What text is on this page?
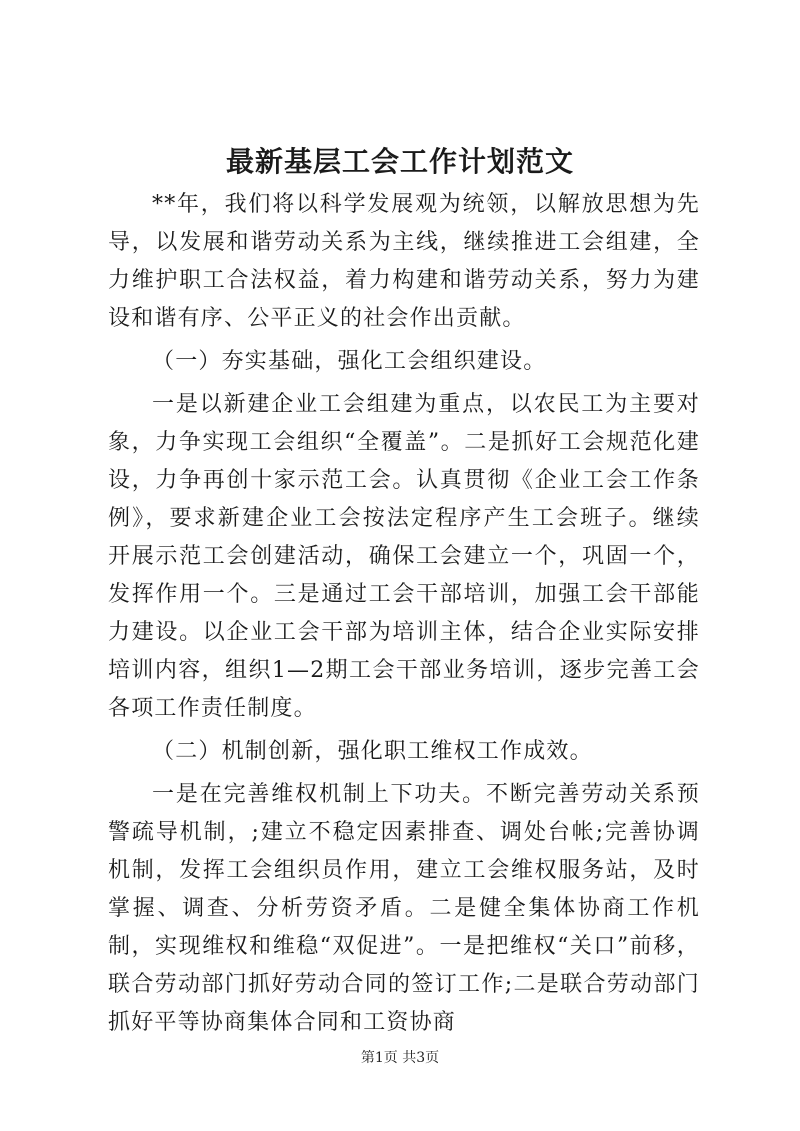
最新基层工会工作计划范文

**年，我们将以科学发展观为统领，以解放思想为先导，以发展和谐劳动关系为主线，继续推进工会组建，全力维护职工合法权益，着力构建和谐劳动关系，努力为建设和谐有序、公平正义的社会作出贡献。

（一）夯实基础，强化工会组织建设。

一是以新建企业工会组建为重点，以农民工为主要对象，力争实现工会组织“全覆盖”。二是抓好工会规范化建设，力争再创十家示范工会。认真贯彻《企业工会工作条例》，要求新建企业工会按法定程序产生工会班子。继续开展示范工会创建活动，确保工会建立一个，巩固一个，发挥作用一个。三是通过工会干部培训，加强工会干部能力建设。以企业工会干部为培训主体，结合企业实际安排培训内容，组织1—2期工会干部业务培训，逐步完善工会各项工作责任制度。

（二）机制创新，强化职工维权工作成效。

一是在完善维权机制上下功夫。不断完善劳动关系预警疏导机制，;建立不稳定因素排查、调处台帐;完善协调机制，发挥工会组织员作用，建立工会维权服务站，及时掌握、调查、分析劳资矛盾。二是健全集体协商工作机制，实现维权和维稳“双促进”。一是把维权“关口”前移，联合劳动部门抓好劳动合同的签订工作;二是联合劳动部门抓好平等协商集体合同和工资协商

第1页 共3页
